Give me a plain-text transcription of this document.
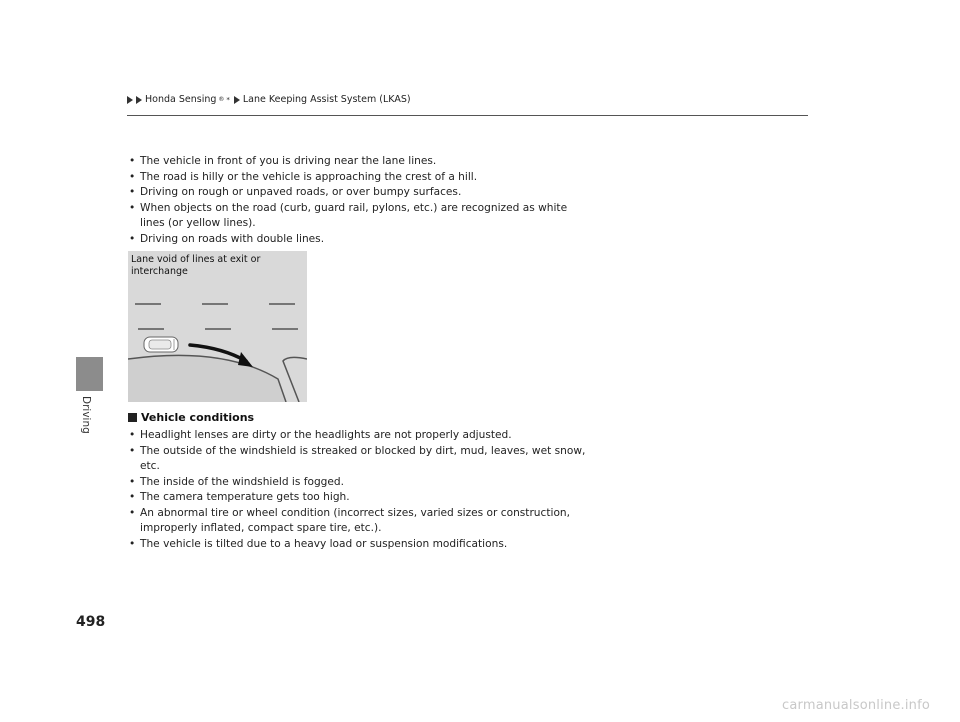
Honda Sensing ® * Lane Keeping Assist System (LKAS)
Driving
• The vehicle in front of you is driving near the lane lines.
• The road is hilly or the vehicle is approaching the crest of a hill.
• Driving on rough or unpaved roads, or over bumpy surfaces.
• When objects on the road (curb, guard rail, pylons, etc.) are recognized as white lines (or yellow lines).
• Driving on roads with double lines.
Lane void of lines at exit or interchange
Vehicle conditions
• Headlight lenses are dirty or the headlights are not properly adjusted.
• The outside of the windshield is streaked or blocked by dirt, mud, leaves, wet snow, etc.
• The inside of the windshield is fogged.
• The camera temperature gets too high.
• An abnormal tire or wheel condition (incorrect sizes, varied sizes or construction, improperly inflated, compact spare tire, etc.).
• The vehicle is tilted due to a heavy load or suspension modifications.
498
carmanualsonline.info
